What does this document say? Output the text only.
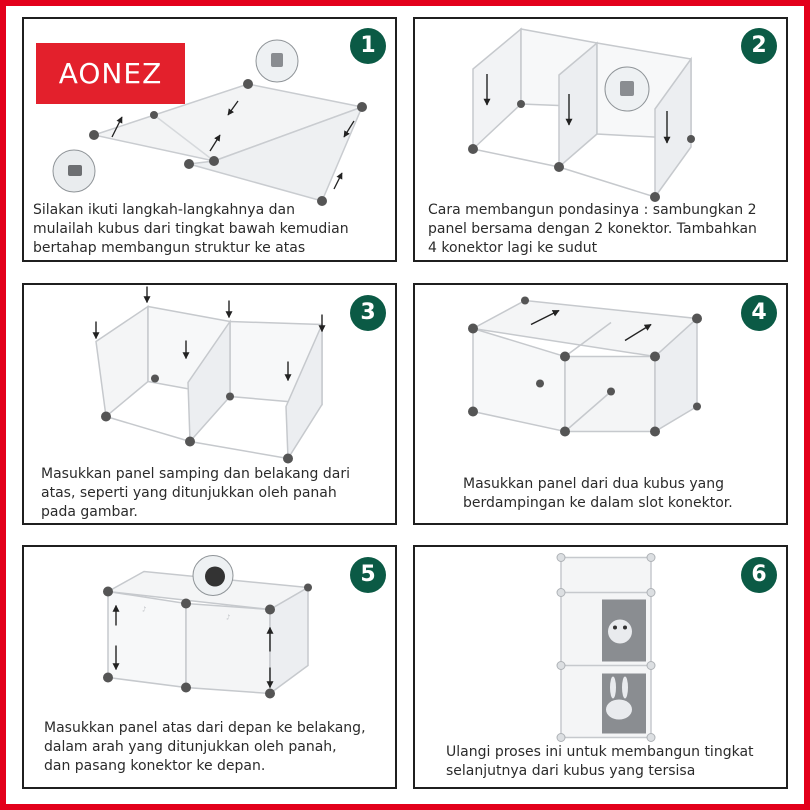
AONEZ
1

Silakan ikuti langkah-langkahnya dan
mulailah kubus dari tingkat bawah kemudian
bertahap membangun struktur ke atas

2

Cara membangun pondasinya : sambungkan 2
panel bersama dengan 2 konektor. Tambahkan
4 konektor lagi ke sudut

3

Masukkan panel samping dan belakang dari
atas, seperti yang ditunjukkan oleh panah
pada gambar.

4

Masukkan panel dari dua kubus yang
berdampingan ke dalam slot konektor.

♪
♪
5

Masukkan panel atas dari depan ke belakang,
dalam arah yang ditunjukkan oleh panah,
dan pasang konektor ke depan.

6

Ulangi proses ini untuk membangun tingkat
selanjutnya dari kubus yang tersisa
